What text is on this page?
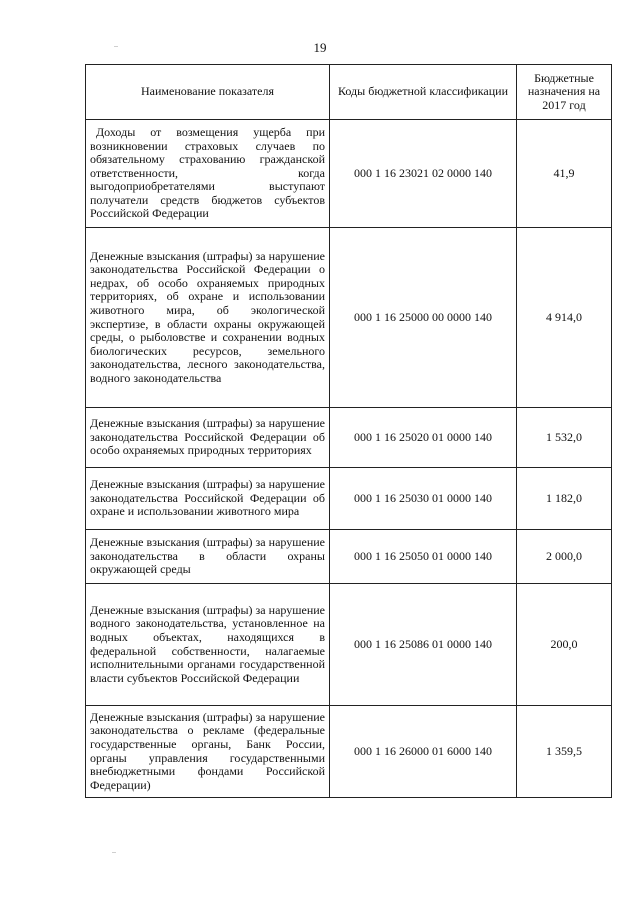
19
Наименование показателя	Коды бюджетной классификации	Бюджетные назначения на 2017 год
Доходы от возмещения ущерба при возникновении страховых случаев по обязательному страхованию гражданской ответственности, когда выгодоприобретателями выступают получатели средств бюджетов субъектов Российской Федерации	000 1 16 23021 02 0000 140	41,9
Денежные взыскания (штрафы) за нарушение законодательства Российской Федерации о недрах, об особо охраняемых природных территориях, об охране и использовании животного мира, об экологической экспертизе, в области охраны окружающей среды, о рыболовстве и сохранении водных биологических ресурсов, земельного законодательства, лесного законодательства, водного законодательства	000 1 16 25000 00 0000 140	4 914,0
Денежные взыскания (штрафы) за нарушение законодательства Российской Федерации об особо охраняемых природных территориях	000 1 16 25020 01 0000 140	1 532,0
Денежные взыскания (штрафы) за нарушение законодательства Российской Федерации об охране и использовании животного мира	000 1 16 25030 01 0000 140	1 182,0
Денежные взыскания (штрафы) за нарушение законодательства в области охраны окружающей среды	000 1 16 25050 01 0000 140	2 000,0
Денежные взыскания (штрафы) за нарушение водного законодательства, установленное на водных объектах, находящихся в федеральной собственности, налагаемые исполнительными органами государственной власти субъектов Российской Федерации	000 1 16 25086 01 0000 140	200,0
Денежные взыскания (штрафы) за нарушение законодательства о рекламе (федеральные государственные органы, Банк России, органы управления государственными внебюджетными фондами Российской Федерации)	000 1 16 26000 01 6000 140	1 359,5
